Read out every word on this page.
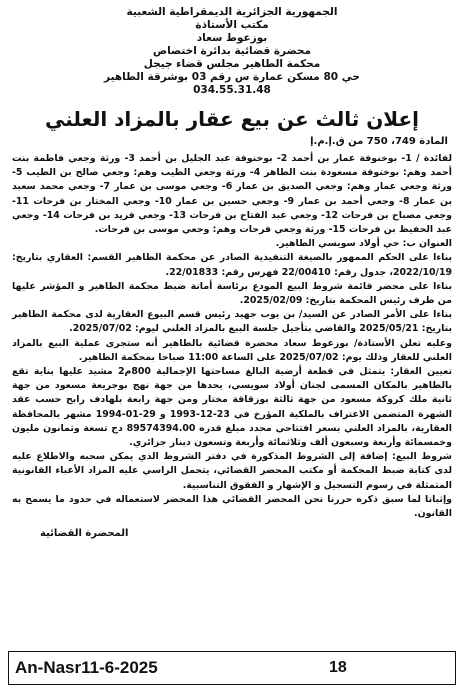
الجمهورية الجزائرية الديمقراطية الشعبية
مكتب الأستاذة
بوزعوط سعاد
محضرة قضائية بدائرة اختصاص
محكمة الطاهير مجلس قضاء جيجل
حي 80 مسكن عمارة س رقم 03 بوشرقة الطاهير
034.55.31.48
إعلان ثالث عن بيع عقار بالمزاد العلني
المادة 749، 750 من ق.إ.م.إ

لفائدة / 1- بوخنوفة عمار بن أحمد 2- بوخنوفة عبد الجليل بن أحمد 3- ورثة وجعي فاطمة بنت أحمد وهم: بوخنوفة مسعودة بنت الطاهر 4- ورثة وجعي الطيب وهم: وجعي صالح بن الطيب 5- ورثة وجعي عمار وهم: وجعي الصديق بن عمار 6- وجعي موسى بن عمار 7- وجعي محمد سعيد بن عمار 8- وجعي أحمد بن عمار 9- وجعي حسين بن عمار 10- وجعي المختار بن فرحات 11- وجعي مصباح بن فرحات 12- وجعي عبد الفتاح بن فرحات 13- وجعي فريد بن فرحات 14- وجعي عبد الحفيظ بن فرحات 15- ورثة وجعي فرحات وهم: وجعي موسى بن فرحات.

العنوان ب: حي أولاد سويسي الطاهير.

بناءا على الحكم الممهور بالصيغة التنفيذية الصادر عن محكمة الطاهير القسم: العقاري بتاريخ: 2022/10/19، جدول رقم: 22/00410 فهرس رقم: 22/01833.

بناءا على محضر قائمة شروط البيع المودع برئاسة أمانة ضبط محكمة الطاهير و المؤشر عليها من طرف رئيس المحكمة بتاريخ: 2025/02/09.

بناءا على الأمر الصادر عن السيد/ بن يوب جهيد رئيس قسم البيوع العقارية لدى محكمة الطاهير بتاريخ: 2025/05/21 والقاضي بتأجيل جلسة البيع بالمزاد العلني ليوم: 2025/07/02.

وعليه تعلن الأستاذة/ بوزعوط سعاد محضرة قضائية بالطاهير أنه ستجرى عملية البيع بالمزاد العلني للعقار وذلك يوم: 2025/07/02 على الساعة 11:00 صباحا بمحكمة الطاهير.

تعيين العقار: يتمثل في قطعة أرضية البالغ مساحتها الإجمالية 800م2 مشيد عليها بناية تقع بالطاهير بالمكان المسمى لجنان أولاد سويسي، يحدها من جهة نهج بوجريعة مسعود من جهة ثانية ملك كروكة مسعود من جهة ثالثة بوزقاقة مختار ومن جهة رابعة بلهادف رابح حسب عقد الشهرة المتضمن الاعتراف بالملكية المؤرخ في 23-12-1993 و 29-01-1994 مشهر بالمحافظة العقارية، بالمزاد العلني بسعر افتتاحي محدد مبلغ قدره 89574394.00 دج تسعة وثمانون مليون وخمسمائة وأربعة وسبعون ألف وثلاثمائة وأربعة وتسعون دينار جزائري.

شروط البيع: إضافة إلى الشروط المذكورة في دفتر الشروط الذي يمكن سحبه والاطلاع عليه لدى كتابة ضبط المحكمة أو مكتب المحضر القضائي، يتحمل الراسي عليه المزاد الأعباء القانونية المتمثلة في رسوم التسجيل و الإشهار و الفقوق التناسبية.

وإثباتا لما سبق ذكره حررنا نحن المحضر القضائي هذا المحضر لاستعماله في حدود ما يسمح به القانون.

المحضرة القضائية
An-Nasr11-6-2025	18
